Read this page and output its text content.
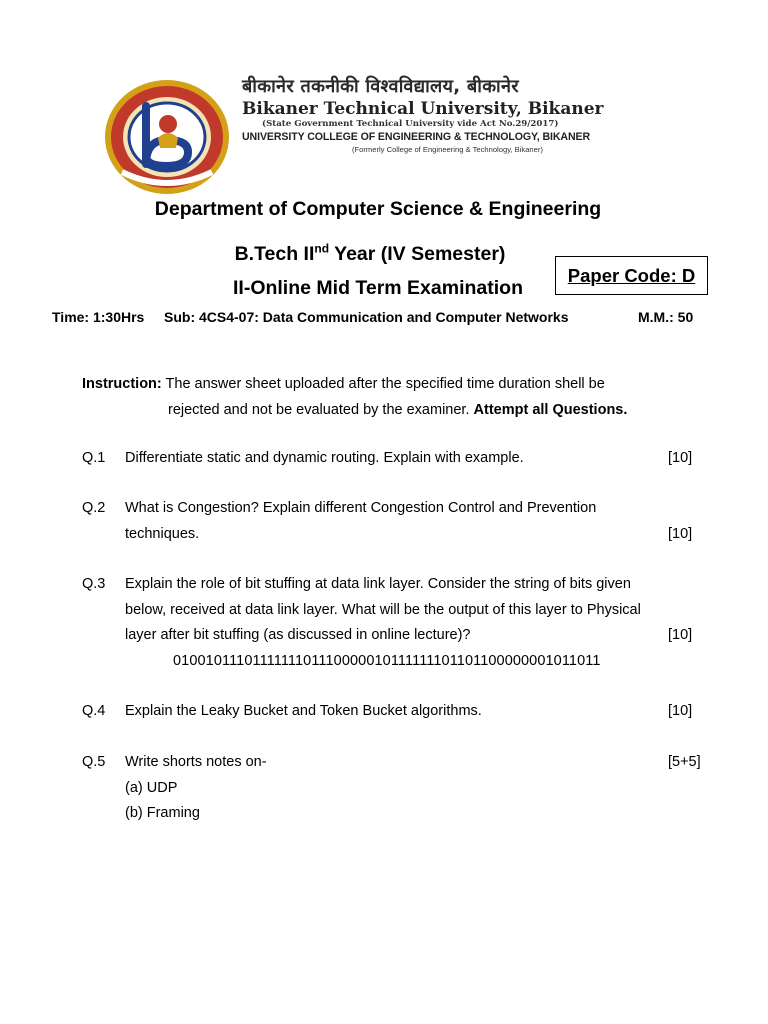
बीकानेर तकनीकी विश्वविद्यालय, बीकानेर
Bikaner Technical University, Bikaner
(State Government Technical University vide Act No.29/2017)
UNIVERSITY COLLEGE OF ENGINEERING & TECHNOLOGY, BIKANER
(Formerly College of Engineering & Technology, Bikaner)
Department of Computer Science & Engineering
B.Tech IInd Year (IV Semester)
II-Online Mid Term Examination
Paper Code: D
Time: 1:30Hrs Sub: 4CS4-07: Data Communication and Computer Networks	M.M.: 50
Instruction: The answer sheet uploaded after the specified time duration shell be
rejected and not be evaluated by the examiner. Attempt all Questions.
Q.1 Differentiate static and dynamic routing. Explain with example.	[10]
Q.2 What is Congestion? Explain different Congestion Control and Prevention
techniques.	[10]
Q.3 Explain the role of bit stuffing at data link layer. Consider the string of bits given
below, received at data link layer. What will be the output of this layer to Physical
layer after bit stuffing (as discussed in online lecture)?	[10]
0100101110111111101110000010111111101101100000001011011
Q.4 Explain the Leaky Bucket and Token Bucket algorithms.	[10]
Q.5 Write shorts notes on-
(a) UDP
(b) Framing
[5+5]
